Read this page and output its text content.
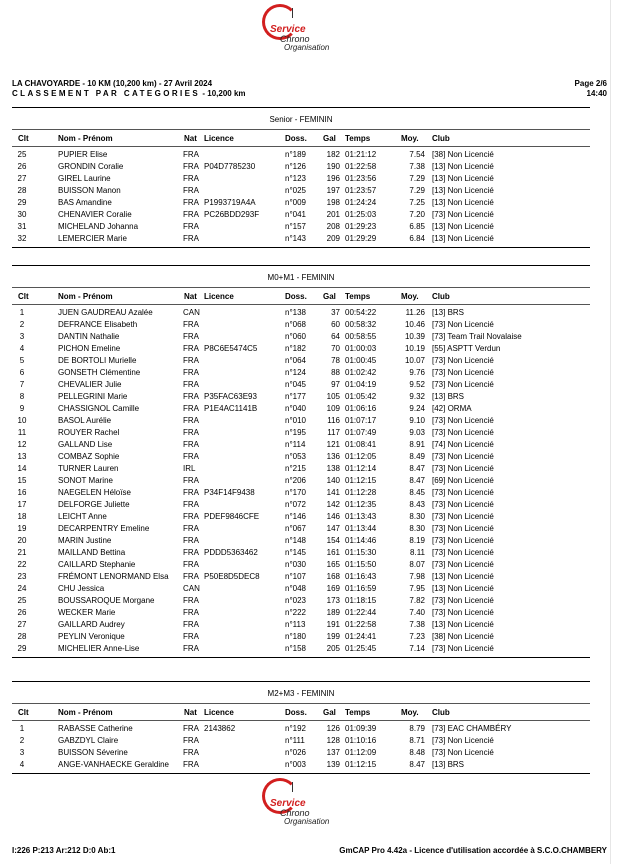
Service
Chrono
Organisation
LA CHAVOYARDE - 10 KM (10,200 km) - 27 Avril 2024
CLASSEMENT PAR CATEGORIES - 10,200 km
Page 2/6
14:40
Senior - FEMININ
Clt	Nom - Prénom	Nat Licence	Doss. Gal Temps	Moy. Club
25	PUPIER Elise	FRA	n°189	182 01:21:12	7.54 [38] Non Licencié
26	GRONDIN Coralie	FRA P04D7785230	n°126	190 01:22:58	7.38 [13] Non Licencié
27	GIREL Laurine	FRA	n°123	196 01:23:56	7.29 [13] Non Licencié
28	BUISSON Manon	FRA	n°025	197 01:23:57	7.29 [13] Non Licencié
29	BAS Amandine	FRA P1993719A4A	n°009	198 01:24:24	7.25 [13] Non Licencié
30	CHENAVIER Coralie	FRA PC26BDD293F	n°041	201 01:25:03	7.20 [73] Non Licencié
31	MICHELAND Johanna	FRA	n°157	208 01:29:23	6.85 [13] Non Licencié
32	LEMERCIER Marie	FRA	n°143	209 01:29:29	6.84 [13] Non Licencié
M0+M1 - FEMININ
Clt	Nom - Prénom	Nat Licence	Doss. Gal Temps	Moy. Club
1	JUEN GAUDREAU Azalée	CAN	n°138	37 00:54:22	11.26 [13] BRS
2	DEFRANCE Elisabeth	FRA	n°068	60 00:58:32	10.46 [73] Non Licencié
3	DANTIN Nathalie	FRA	n°060	64 00:58:55	10.39 [73] Team Trail Novalaise
4	PICHON Emeline	FRA P8C6E5474C5	n°182	70 01:00:03	10.19 [55] ASPTT Verdun
5	DE BORTOLI Murielle	FRA	n°064	78 01:00:45	10.07 [73] Non Licencié
6	GONSETH Clémentine	FRA	n°124	88 01:02:42	9.76 [73] Non Licencié
7	CHEVALIER Julie	FRA	n°045	97 01:04:19	9.52 [73] Non Licencié
8	PELLEGRINI Marie	FRA P35FAC63E93	n°177	105 01:05:42	9.32 [13] BRS
9	CHASSIGNOL Camille	FRA P1E4AC1141B	n°040	109 01:06:16	9.24 [42] ORMA
10	BASOL Aurélie	FRA	n°010	116 01:07:17	9.10 [73] Non Licencié
11	ROUYER Rachel	FRA	n°195	117 01:07:49	9.03 [73] Non Licencié
12	GALLAND Lise	FRA	n°114	121 01:08:41	8.91 [74] Non Licencié
13	COMBAZ Sophie	FRA	n°053	136 01:12:05	8.49 [73] Non Licencié
14	TURNER Lauren	IRL	n°215	138 01:12:14	8.47 [73] Non Licencié
15	SONOT Marine	FRA	n°206	140 01:12:15	8.47 [69] Non Licencié
16	NAEGELEN Héloïse	FRA P34F14F9438	n°170	141 01:12:28	8.45 [73] Non Licencié
17	DELFORGE Juliette	FRA	n°072	142 01:12:35	8.43 [73] Non Licencié
18	LEICHT Anne	FRA PDEF9846CFE	n°146	146 01:13:43	8.30 [73] Non Licencié
19	DECARPENTRY Emeline	FRA	n°067	147 01:13:44	8.30 [73] Non Licencié
20	MARIN Justine	FRA	n°148	154 01:14:46	8.19 [73] Non Licencié
21	MAILLAND Bettina	FRA PDDD5363462	n°145	161 01:15:30	8.11 [73] Non Licencié
22	CAILLARD Stephanie	FRA	n°030	165 01:15:50	8.07 [73] Non Licencié
23	FRÉMONT LENORMAND Elsa FRA P50E8D5DEC8	n°107	168 01:16:43	7.98 [13] Non Licencié
24	CHU Jessica	CAN	n°048	169 01:16:59	7.95 [13] Non Licencié
25	BOUSSAROQUE Morgane	FRA	n°023	173 01:18:15	7.82 [73] Non Licencié
26	WECKER Marie	FRA	n°222	189 01:22:44	7.40 [73] Non Licencié
27	GAILLARD Audrey	FRA	n°113	191 01:22:58	7.38 [13] Non Licencié
28	PEYLIN Veronique	FRA	n°180	199 01:24:41	7.23 [38] Non Licencié
29	MICHELIER Anne-Lise	FRA	n°158	205 01:25:45	7.14 [73] Non Licencié
M2+M3 - FEMININ
Clt	Nom - Prénom	Nat Licence	Doss. Gal Temps	Moy. Club
1	RABASSE Catherine	FRA 2143862	n°192	126 01:09:39	8.79 [73] EAC CHAMBÉRY
2	GABZDYL Claire	FRA	n°111	128 01:10:16	8.71 [73] Non Licencié
3	BUISSON Séverine	FRA	n°026	137 01:12:09	8.48 [73] Non Licencié
4	ANGE-VANHAECKE Geraldine FRA	n°003	139 01:12:15	8.47 [13] BRS
Service
Chrono
Organisation
I:226 P:213 Ar:212 D:0 Ab:1	GmCAP Pro 4.42a - Licence d'utilisation accordée à S.C.O.CHAMBERY
